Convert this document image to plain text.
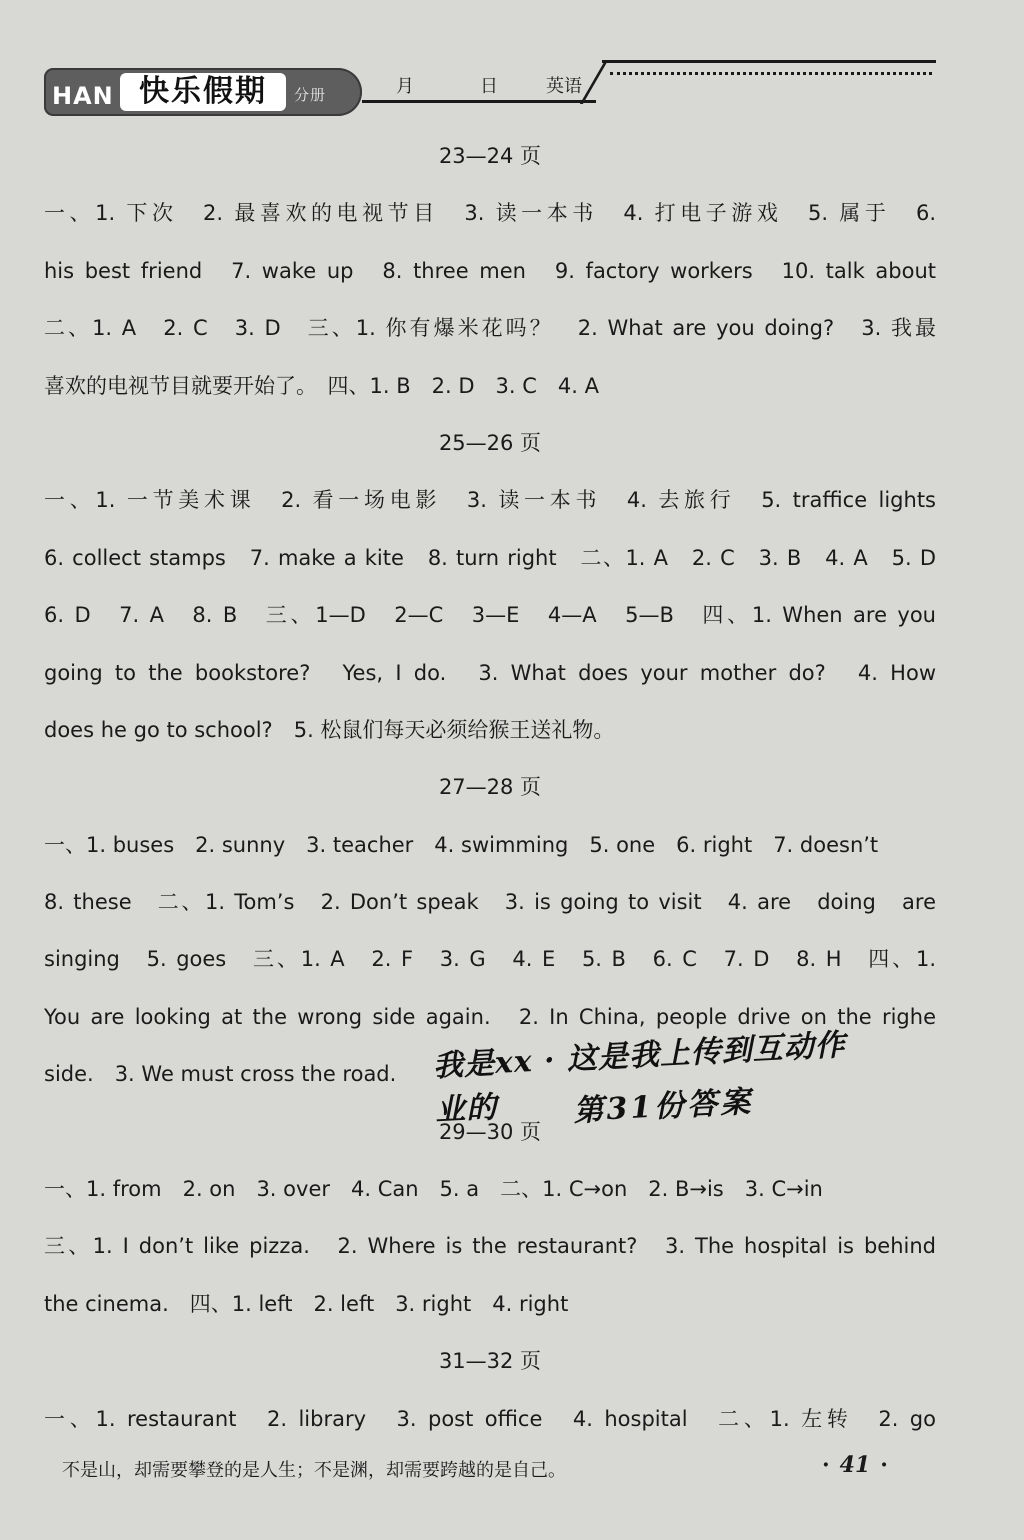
HAN 快乐假期	分册	月	日	英语
23—24 页
一、1. 下次　2. 最喜欢的电视节目　3. 读一本书　4. 打电子游戏　5. 属于　6.
his best friend　7. wake up　8. three men　9. factory workers　10. talk about
二、1. A　2. C　3. D　三、1. 你有爆米花吗？　2. What are you doing?　3. 我最
喜欢的电视节目就要开始了。　四、1. B　2. D　3. C　4. A
25—26 页
一、1. 一节美术课　2. 看一场电影　3. 读一本书　4. 去旅行　5. traffice lights
6. collect stamps　7. make a kite　8. turn right　二、1. A　2. C　3. B　4. A　5. D
6. D　7. A　8. B　三、1—D　2—C　3—E　4—A　5—B　四、1. When are you
going to the bookstore?　Yes, I do.　3. What does your mother do?　4. How
does he go to school?　5. 松鼠们每天必须给猴王送礼物。
27—28 页
一、1. buses　2. sunny　3. teacher　4. swimming　5. one　6. right　7. doesn’t
8. these　二、1. Tom’s　2. Don’t speak　3. is going to visit　4. are　doing　are
singing　5. goes　三、1. A　2. F　3. G　4. E　5. B　6. C　7. D　8. H　四、1.
You are looking at the wrong side again.　2. In China, people drive on the righe
side.　3. We must cross the road.
29—30 页
一、1. from　2. on　3. over　4. Can　5. a　二、1. C→on　2. B→is　3. C→in
三、1. I don’t like pizza.　2. Where is the restaurant?　3. The hospital is behind
the cinema.　四、1. left　2. left　3. right　4. right
31—32 页
一、1. restaurant　2. library　3. post office　4. hospital　二、1. 左转　2. go
我是xx · 这是我上传到互动作业的	第31份答案
不是山，却需要攀登的是人生；不是渊，却需要跨越的是自己。	· 41 ·
